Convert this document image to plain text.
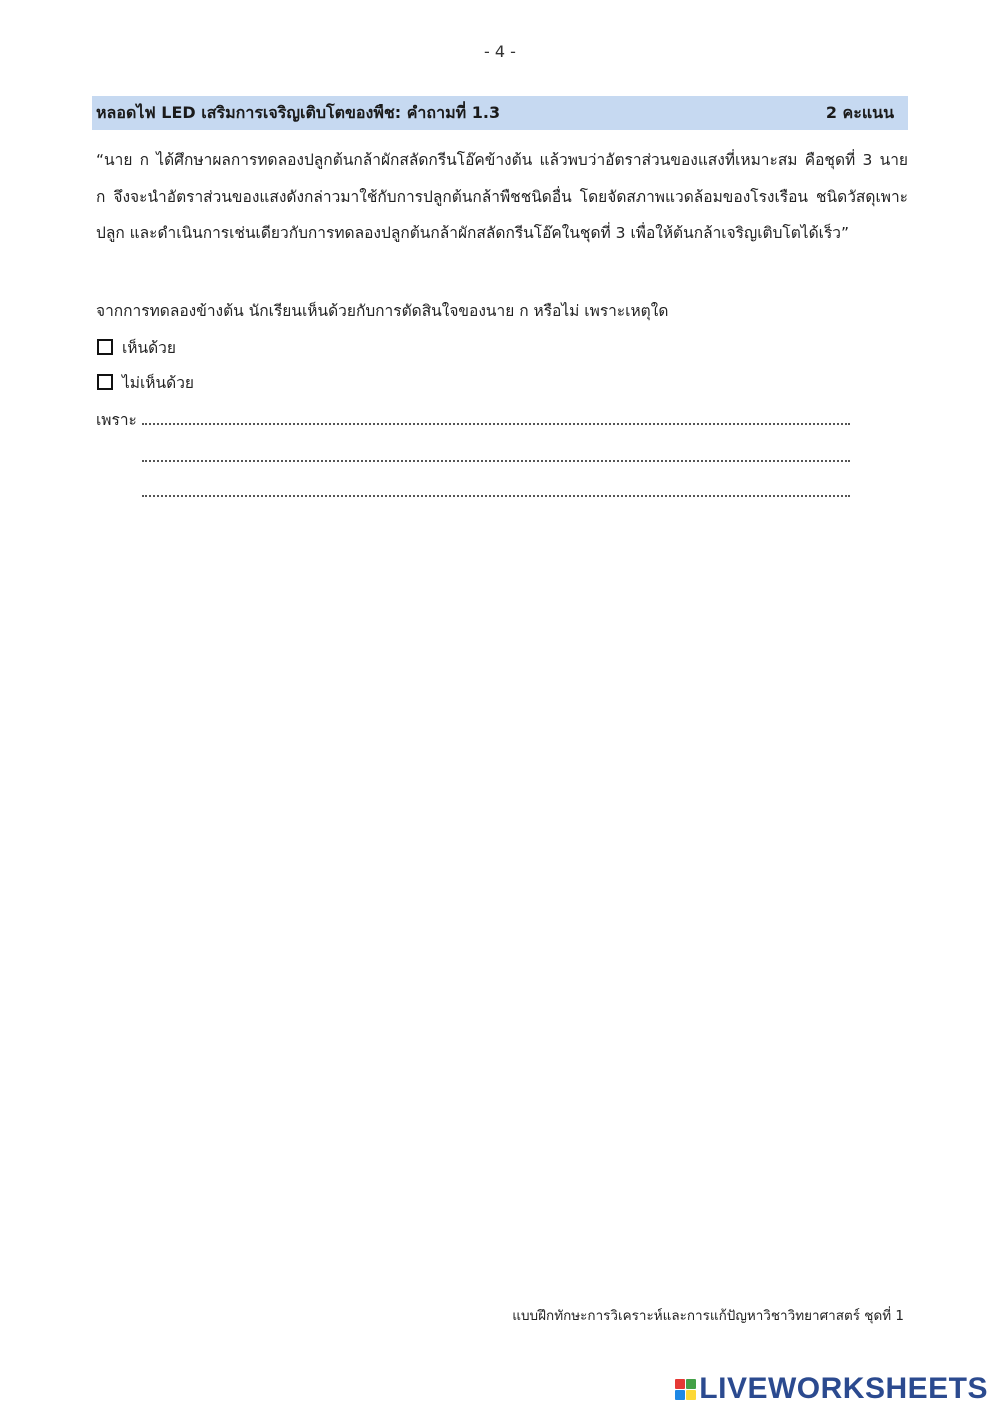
- 4 -
หลอดไฟ LED เสริมการเจริญเติบโตของพืช: คำถามที่ 1.3	2 คะแนน

“นาย ก ได้ศึกษาผลการทดลองปลูกต้นกล้าผักสลัดกรีนโอ๊คข้างต้น แล้วพบว่าอัตราส่วนของแสงที่เหมาะสม คือชุดที่ 3 นาย ก จึงจะนำอัตราส่วนของแสงดังกล่าวมาใช้กับการปลูกต้นกล้าพืชชนิดอื่น โดยจัดสภาพแวดล้อมของโรงเรือน ชนิดวัสดุเพาะปลูก และดำเนินการเช่นเดียวกับการทดลองปลูกต้นกล้าผักสลัดกรีนโอ๊คในชุดที่ 3 เพื่อให้ต้นกล้าเจริญเติบโตได้เร็ว”

จากการทดลองข้างต้น นักเรียนเห็นด้วยกับการตัดสินใจของนาย ก หรือไม่ เพราะเหตุใด
เห็นด้วย
ไม่เห็นด้วย
เพราะ
แบบฝึกทักษะการวิเคราะห์และการแก้ปัญหาวิชาวิทยาศาสตร์ ชุดที่ 1
LIVEWORKSHEETS
